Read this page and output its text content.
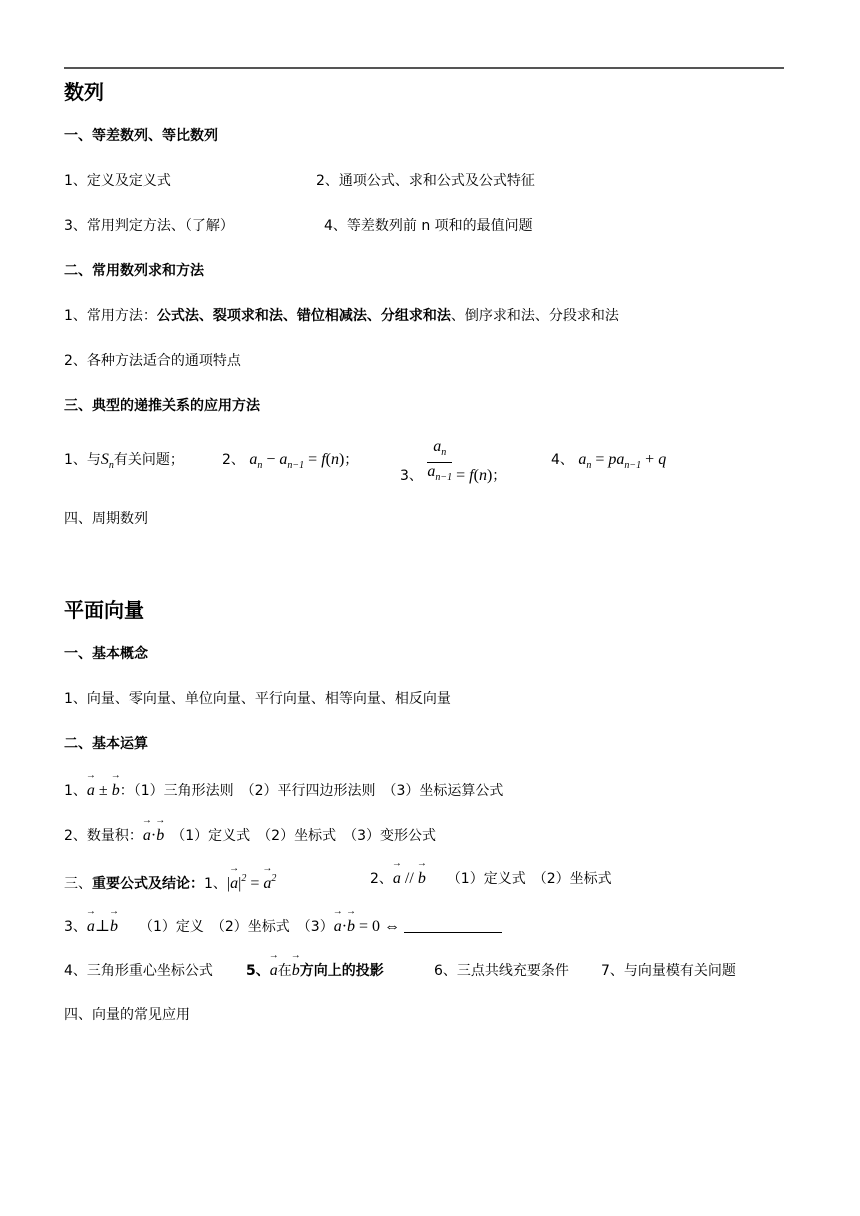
数列
一、等差数列、等比数列
1、定义及定义式	2、通项公式、求和公式及公式特征
3、常用判定方法、（了解）	4、等差数列前 n 项和的最值问题
二、常用数列求和方法
1、常用方法：公式法、裂项求和法、错位相减法、分组求和法、倒序求和法、分段求和法
2、各种方法适合的通项特点
三、典型的递推关系的应用方法
1、与$S_n$有关问题；	2、 $a_n - a_{n-1} = f(n)$；
3、 $\frac{a_n}{a_{n-1}} = f(n)$；
4、 $a_n = pa_{n-1} + q$
四、周期数列
平面向量
一、基本概念
1、向量、零向量、单位向量、平行向量、相等向量、相反向量
二、基本运算
1、→ a ± → b：（1）三角形法则　（2）平行四边形法则　（3）坐标运算公式
2、数量积：→ a·→ b　 （1）定义式　（2）坐标式　（3）变形公式
三、重要公式及结论：1、|→ $a|^2$ = → $a^2$	2、→ a // → b　　 （1）定义式　（2）坐标式
3、→ a⊥→ b　　 （1）定义　（2）坐标式　（3）→ a·→ b = 0 ⇔
4、三角形重心坐标公式 5、→ a在→ b方向上的投影	6、三点共线充要条件 7、与向量模有关问题
四、向量的常见应用
